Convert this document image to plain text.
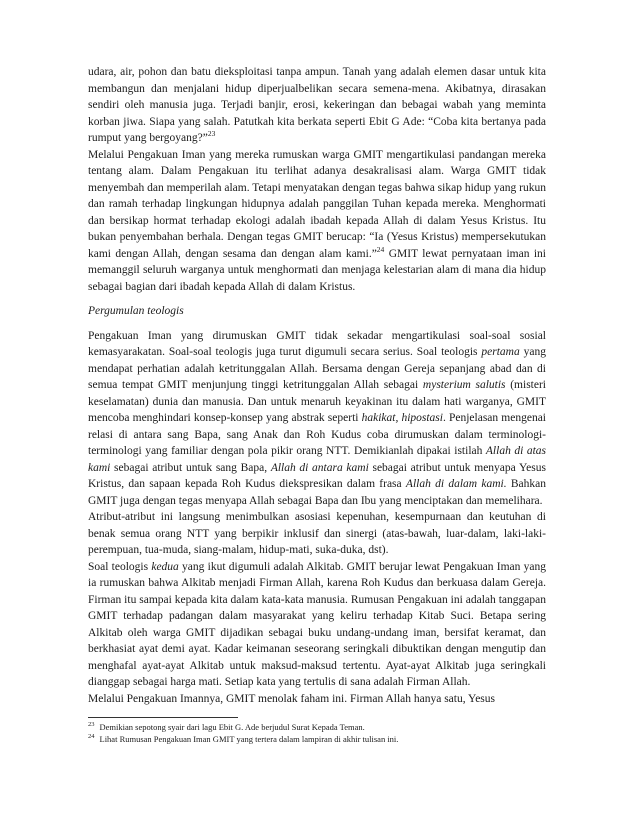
udara, air, pohon dan batu dieksploitasi tanpa ampun. Tanah yang adalah elemen dasar untuk kita membangun dan menjalani hidup diperjualbelikan secara semena-mena. Akibatnya, dirasakan sendiri oleh manusia juga. Terjadi banjir, erosi, kekeringan dan bebagai wabah yang meminta korban jiwa. Siapa yang salah. Patutkah kita berkata seperti Ebit G Ade: “Coba kita bertanya pada rumput yang bergoyang?”$^{23}$

Melalui Pengakuan Iman yang mereka rumuskan warga GMIT mengartikulasi pandangan mereka tentang alam. Dalam Pengakuan itu terlihat adanya desakralisasi alam. Warga GMIT tidak menyembah dan memperilah alam. Tetapi menyatakan dengan tegas bahwa sikap hidup yang rukun dan ramah terhadap lingkungan hidupnya adalah panggilan Tuhan kepada mereka. Menghormati dan bersikap hormat terhadap ekologi adalah ibadah kepada Allah di dalam Yesus Kristus. Itu bukan penyembahan berhala. Dengan tegas GMIT berucap: “Ia (Yesus Kristus) mempersekutukan kami dengan Allah, dengan sesama dan dengan alam kami.”$^{24}$ GMIT lewat pernyataan iman ini memanggil seluruh warganya untuk menghormati dan menjaga kelestarian alam di mana dia hidup sebagai bagian dari ibadah kepada Allah di dalam Kristus.

Pergumulan teologis

Pengakuan Iman yang dirumuskan GMIT tidak sekadar mengartikulasi soal-soal sosial kemasyarakatan. Soal-soal teologis juga turut digumuli secara serius. Soal teologis pertama yang mendapat perhatian adalah ketritunggalan Allah. Bersama dengan Gereja sepanjang abad dan di semua tempat GMIT menjunjung tinggi ketritunggalan Allah sebagai mysterium salutis (misteri keselamatan) dunia dan manusia. Dan untuk menaruh keyakinan itu dalam hati warganya, GMIT mencoba menghindari konsep-konsep yang abstrak seperti hakikat, hipostasi. Penjelasan mengenai relasi di antara sang Bapa, sang Anak dan Roh Kudus coba dirumuskan dalam terminologi-terminologi yang familiar dengan pola pikir orang NTT. Demikianlah dipakai istilah Allah di atas kami sebagai atribut untuk sang Bapa, Allah di antara kami sebagai atribut untuk menyapa Yesus Kristus, dan sapaan kepada Roh Kudus diekspresikan dalam frasa Allah di dalam kami. Bahkan GMIT juga dengan tegas menyapa Allah sebagai Bapa dan Ibu yang menciptakan dan memelihara.

Atribut-atribut ini langsung menimbulkan asosiasi kepenuhan, kesempurnaan dan keutuhan di benak semua orang NTT yang berpikir inklusif dan sinergi (atas-bawah, luar-dalam, laki-laki-perempuan, tua-muda, siang-malam, hidup-mati, suka-duka, dst).

Soal teologis kedua yang ikut digumuli adalah Alkitab. GMIT berujar lewat Pengakuan Iman yang ia rumuskan bahwa Alkitab menjadi Firman Allah, karena Roh Kudus dan berkuasa dalam Gereja. Firman itu sampai kepada kita dalam kata-kata manusia. Rumusan Pengakuan ini adalah tanggapan GMIT terhadap padangan dalam masyarakat yang keliru terhadap Kitab Suci. Betapa sering Alkitab oleh warga GMIT dijadikan sebagai buku undang-undang iman, bersifat keramat, dan berkhasiat ayat demi ayat. Kadar keimanan seseorang seringkali dibuktikan dengan mengutip dan menghafal ayat-ayat Alkitab untuk maksud-maksud tertentu. Ayat-ayat Alkitab juga seringkali dianggap sebagai harga mati. Setiap kata yang tertulis di sana adalah Firman Allah.

Melalui Pengakuan Imannya, GMIT menolak faham ini. Firman Allah hanya satu, Yesus

$^{23}$ Demikian sepotong syair dari lagu Ebit G. Ade berjudul Surat Kepada Teman.

$^{24}$ Lihat Rumusan Pengakuan Iman GMIT yang tertera dalam lampiran di akhir tulisan ini.
